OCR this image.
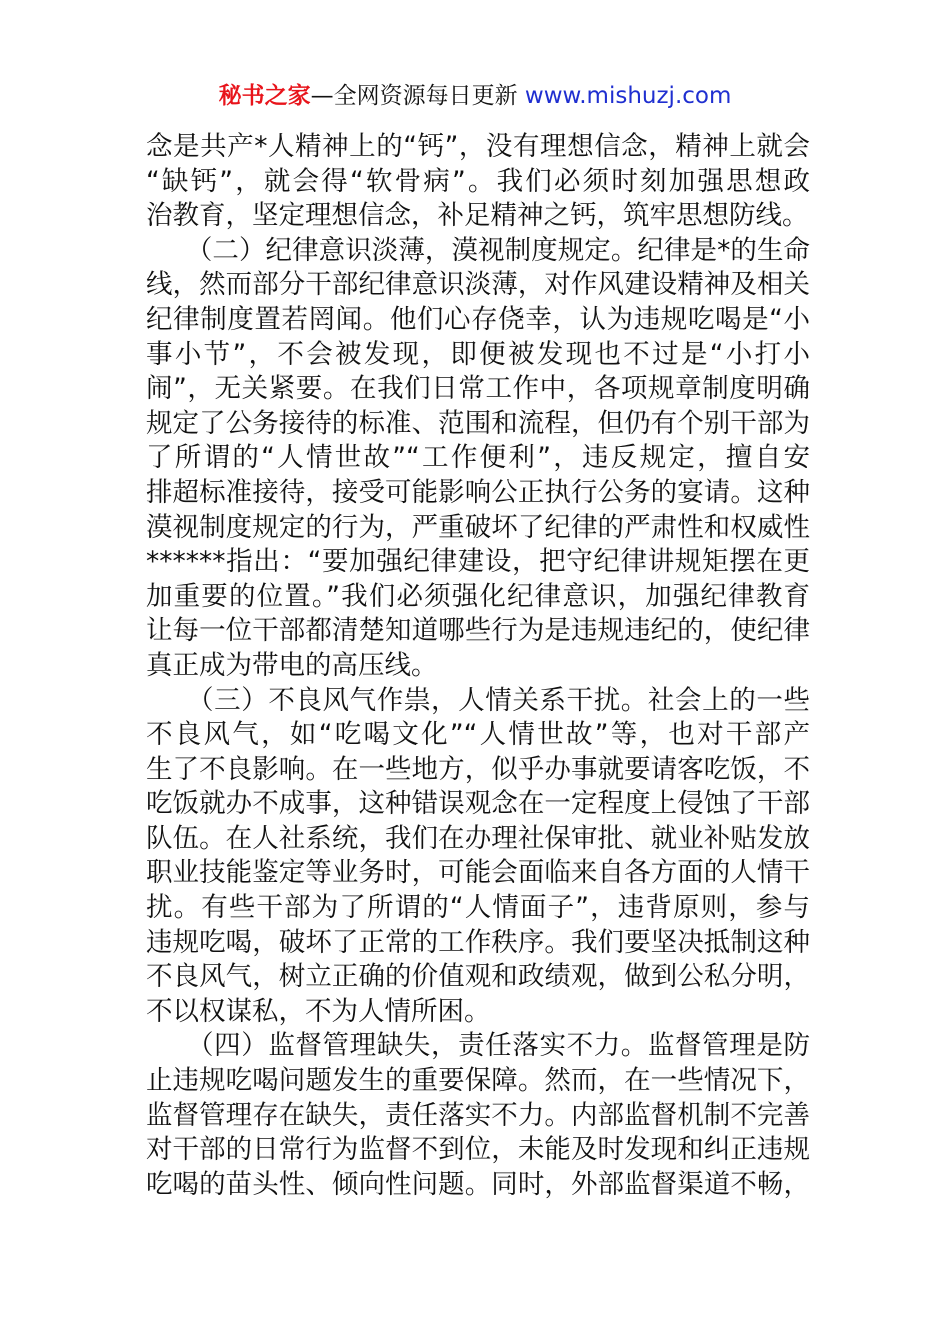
秘书之家—全网资源每日更新 www.mishuzj.com
念是共产*人精神上的“钙”，没有理想信念，精神上就会
“缺钙”，就会得“软骨病”。我们必须时刻加强思想政
治教育，坚定理想信念，补足精神之钙，筑牢思想防线。
　　（二）纪律意识淡薄，漠视制度规定。纪律是*的生命
线，然而部分干部纪律意识淡薄，对作风建设精神及相关
纪律制度置若罔闻。他们心存侥幸，认为违规吃喝是“小
事小节”，不会被发现，即便被发现也不过是“小打小
闹”，无关紧要。在我们日常工作中，各项规章制度明确
规定了公务接待的标准、范围和流程，但仍有个别干部为
了所谓的“人情世故”“工作便利”，违反规定，擅自安
排超标准接待，接受可能影响公正执行公务的宴请。这种
漠视制度规定的行为，严重破坏了纪律的严肃性和权威性
******指出：“要加强纪律建设，把守纪律讲规矩摆在更
加重要的位置。”我们必须强化纪律意识，加强纪律教育
让每一位干部都清楚知道哪些行为是违规违纪的，使纪律
真正成为带电的高压线。
　　（三）不良风气作祟，人情关系干扰。社会上的一些
不良风气，如“吃喝文化”“人情世故”等，也对干部产
生了不良影响。在一些地方，似乎办事就要请客吃饭，不
吃饭就办不成事，这种错误观念在一定程度上侵蚀了干部
队伍。在人社系统，我们在办理社保审批、就业补贴发放
职业技能鉴定等业务时，可能会面临来自各方面的人情干
扰。有些干部为了所谓的“人情面子”，违背原则，参与
违规吃喝，破坏了正常的工作秩序。我们要坚决抵制这种
不良风气，树立正确的价值观和政绩观，做到公私分明，
不以权谋私，不为人情所困。
　　（四）监督管理缺失，责任落实不力。监督管理是防
止违规吃喝问题发生的重要保障。然而，在一些情况下，
监督管理存在缺失，责任落实不力。内部监督机制不完善
对干部的日常行为监督不到位，未能及时发现和纠正违规
吃喝的苗头性、倾向性问题。同时，外部监督渠道不畅，
